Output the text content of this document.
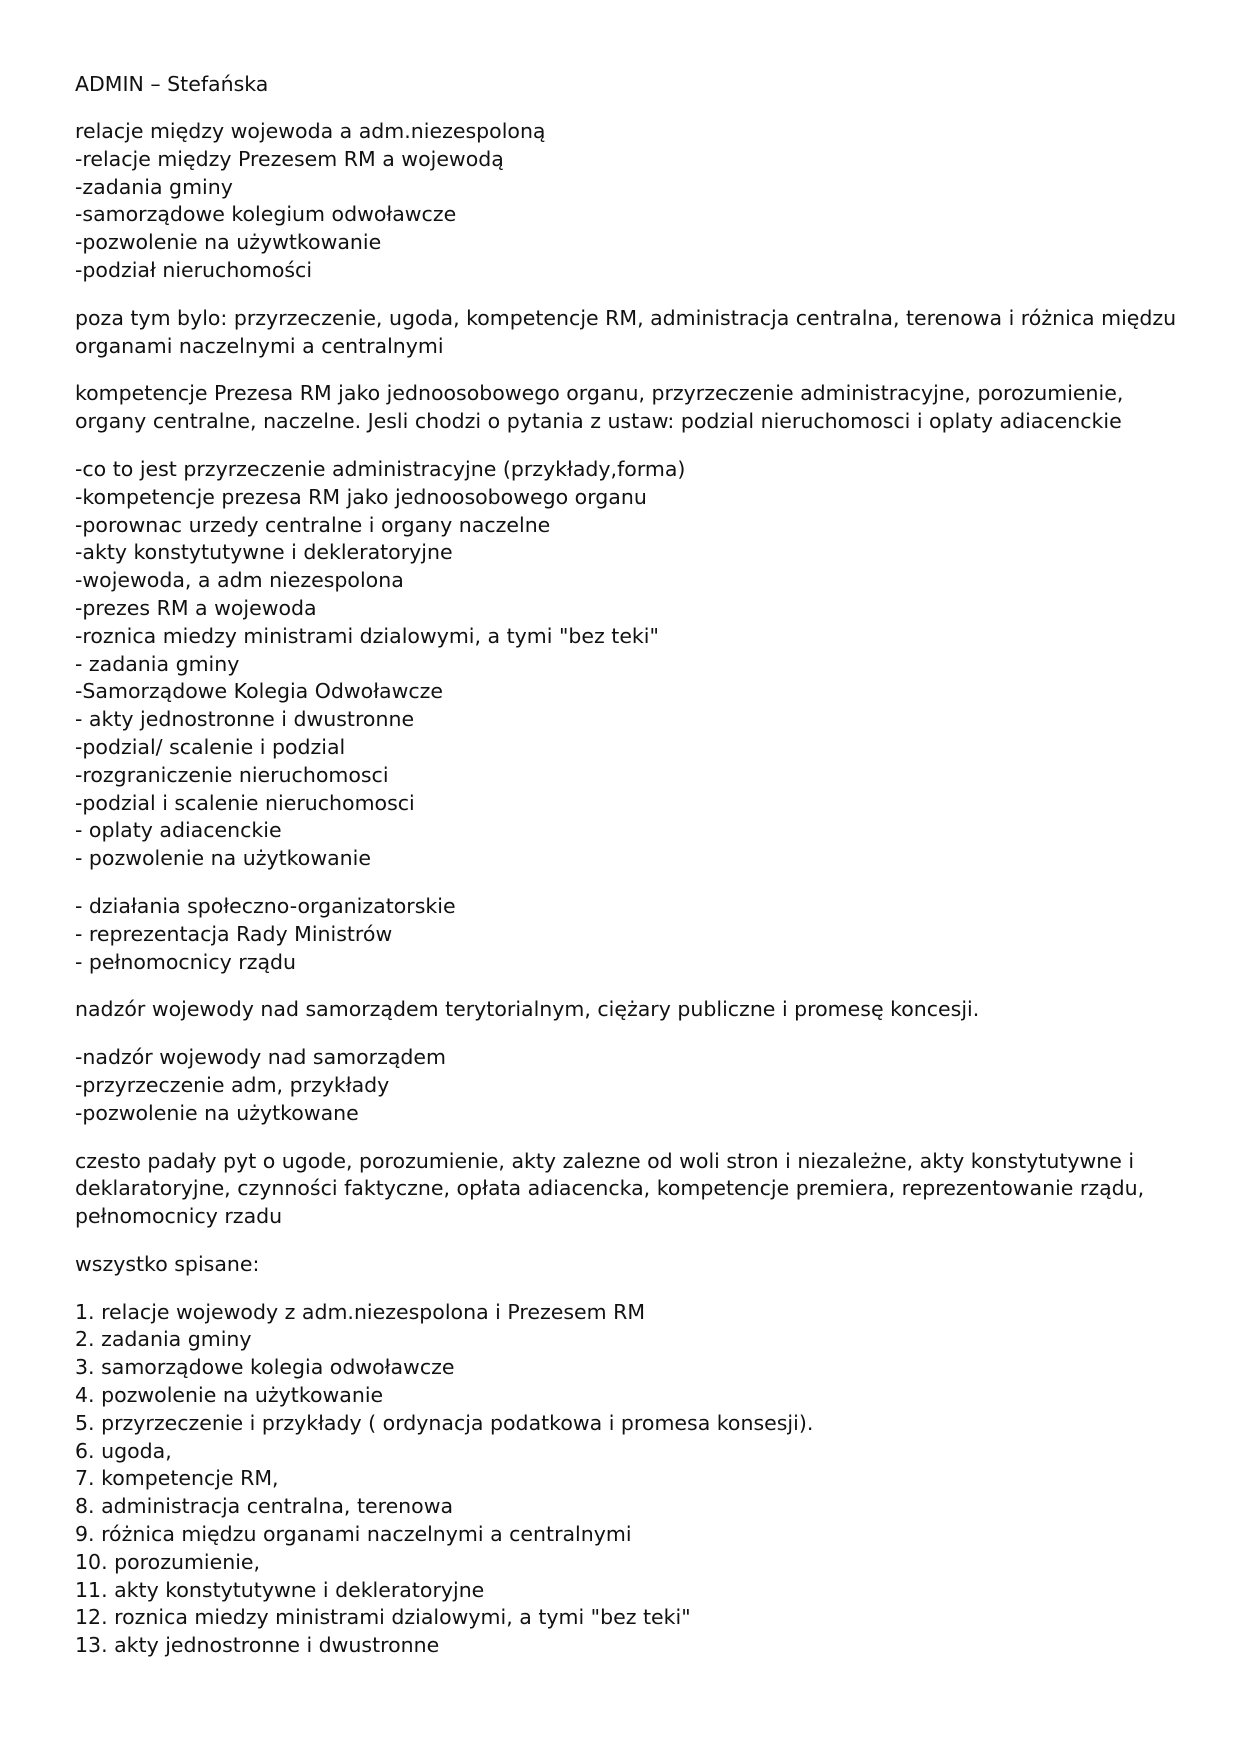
ADMIN – Stefańska
relacje między wojewoda a adm.niezespoloną
-relacje między Prezesem RM a wojewodą
-zadania gminy
-samorządowe kolegium odwoławcze
-pozwolenie na używtkowanie
-podział nieruchomości
poza tym bylo: przyrzeczenie, ugoda, kompetencje RM, administracja centralna, terenowa i różnica międzu organami naczelnymi a centralnymi
kompetencje Prezesa RM jako jednoosobowego organu, przyrzeczenie administracyjne, porozumienie, organy centralne, naczelne. Jesli chodzi o pytania z ustaw: podzial nieruchomosci i oplaty adiacenckie
-co to jest przyrzeczenie administracyjne (przykłady,forma)
-kompetencje prezesa RM jako jednoosobowego organu
-porownac urzedy centralne i organy naczelne
-akty konstytutywne i dekleratoryjne
-wojewoda, a adm niezespolona
-prezes RM a wojewoda
-roznica miedzy ministrami dzialowymi, a tymi "bez teki"
- zadania gminy
-Samorządowe Kolegia Odwoławcze
- akty jednostronne i dwustronne
-podzial/ scalenie i podzial
-rozgraniczenie nieruchomosci
-podzial i scalenie nieruchomosci
- oplaty adiacenckie
- pozwolenie na użytkowanie
- działania społeczno-organizatorskie
- reprezentacja Rady Ministrów
- pełnomocnicy rządu
nadzór wojewody nad samorządem terytorialnym, ciężary publiczne i promesę koncesji.
-nadzór wojewody nad samorządem
-przyrzeczenie adm, przykłady
-pozwolenie na użytkowane
czesto padały pyt o ugode, porozumienie, akty zalezne od woli stron i niezależne, akty konstytutywne i deklaratoryjne, czynności faktyczne, opłata adiacencka, kompetencje premiera, reprezentowanie rządu, pełnomocnicy rzadu
wszystko spisane:
1. relacje wojewody z adm.niezespolona i Prezesem RM
2. zadania gminy
3. samorządowe kolegia odwoławcze
4. pozwolenie na użytkowanie
5. przyrzeczenie i przykłady ( ordynacja podatkowa i promesa konsesji).
6. ugoda,
7. kompetencje RM,
8. administracja centralna, terenowa
9. różnica międzu organami naczelnymi a centralnymi
10. porozumienie,
11. akty konstytutywne i dekleratoryjne
12. roznica miedzy ministrami dzialowymi, a tymi "bez teki"
13. akty jednostronne i dwustronne
